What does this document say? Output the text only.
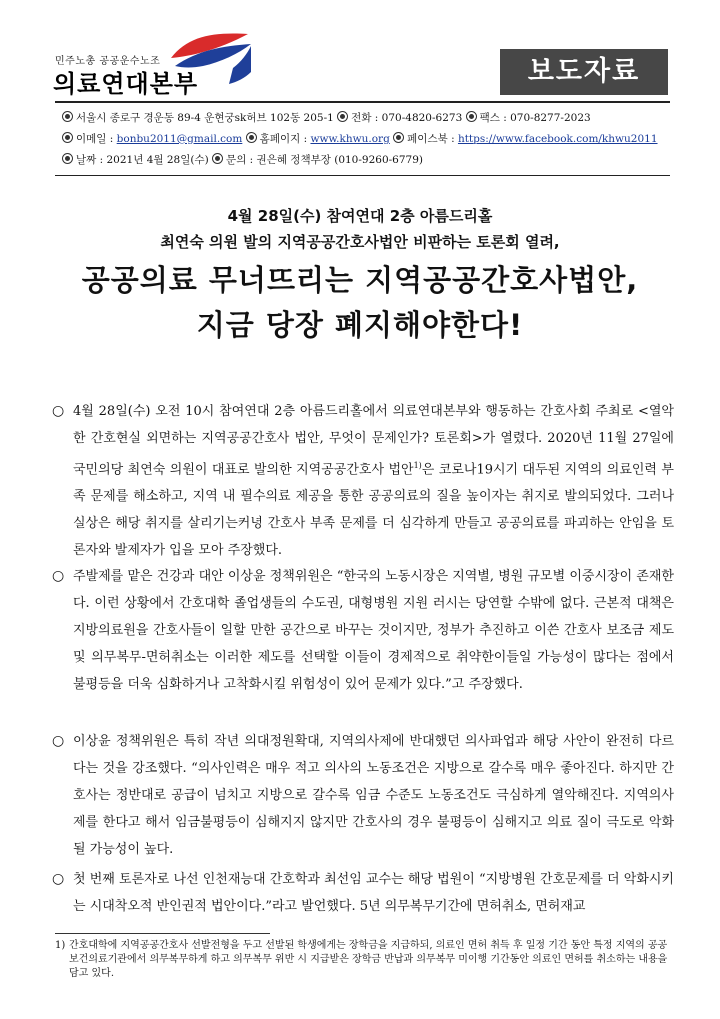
민주노총 공공운수노조
의료연대본부	보도자료
서울시 종로구 경운동 89-4 운현궁sk허브 102동 205-1 전화 : 070-4820-6273 팩스 : 070-8277-2023
이메일 : bonbu2011@gmail.com 홈페이지 : www.khwu.org 페이스북 : https://www.facebook.com/khwu2011
날짜 : 2021년 4월 28일(수) 문의 : 권은혜 정책부장 (010-9260-6779)
4월 28일(수) 참여연대 2층 아름드리홀
최연숙 의원 발의 지역공공간호사법안 비판하는 토론회 열려,
공공의료 무너뜨리는 지역공공간호사법안,
지금 당장 폐지해야한다!
○ 4월 28일(수) 오전 10시 참여연대 2층 아름드리홀에서 의료연대본부와 행동하는 간호사회 주최로 <열악한 간호현실 외면하는 지역공공간호사 법안, 무엇이 문제인가? 토론회>가 열렸다. 2020년 11월 27일에 국민의당 최연숙 의원이 대표로 발의한 지역공공간호사 법안$^{1)}$은 코로나19시기 대두된 지역의 의료인력 부족 문제를 해소하고, 지역 내 필수의료 제공을 통한 공공의료의 질을 높이자는 취지로 발의되었다. 그러나 실상은 해당 취지를 살리기는커녕 간호사 부족 문제를 더 심각하게 만들고 공공의료를 파괴하는 안임을 토론자와 발제자가 입을 모아 주장했다.
○ 주발제를 맡은 건강과 대안 이상윤 정책위원은 “한국의 노동시장은 지역별, 병원 규모별 이중시장이 존재한다. 이런 상황에서 간호대학 졸업생들의 수도권, 대형병원 지원 러시는 당연할 수밖에 없다. 근본적 대책은 지방의료원을 간호사들이 일할 만한 공간으로 바꾸는 것이지만, 정부가 추진하고 이쓴 간호사 보조금 제도 및 의무복무-면허취소는 이러한 제도를 선택할 이들이 경제적으로 취약한이들일 가능성이 많다는 점에서 불평등을 더욱 심화하거나 고착화시킬 위험성이 있어 문제가 있다.”고 주장했다.
○ 이상윤 정책위원은 특히 작년 의대정원확대, 지역의사제에 반대했던 의사파업과 해당 사안이 완전히 다르다는 것을 강조했다. “의사인력은 매우 적고 의사의 노동조건은 지방으로 갈수록 매우 좋아진다. 하지만 간호사는 정반대로 공급이 넘치고 지방으로 갈수록 임금 수준도 노동조건도 극심하게 열악해진다. 지역의사제를 한다고 해서 임금불평등이 심해지지 않지만 간호사의 경우 불평등이 심해지고 의료 질이 극도로 악화될 가능성이 높다.
○ 첫 번째 토론자로 나선 인천재능대 간호학과 최선임 교수는 해당 법원이 “지방병원 간호문제를 더 악화시키는 시대착오적 반인권적 법안이다.”라고 발언했다. 5년 의무복무기간에 면허취소, 면허재교
1) 간호대학에 지역공공간호사 선발전형을 두고 선발된 학생에게는 장학금을 지급하되, 의료인 면허 취득 후 일정 기간 동안 특정 지역의 공공보건의료기관에서 의무복무하게 하고 의무복무 위반 시 지급받은 장학금 반납과 의무복무 미이행 기간동안 의료인 면허를 취소하는 내용을 담고 있다.
